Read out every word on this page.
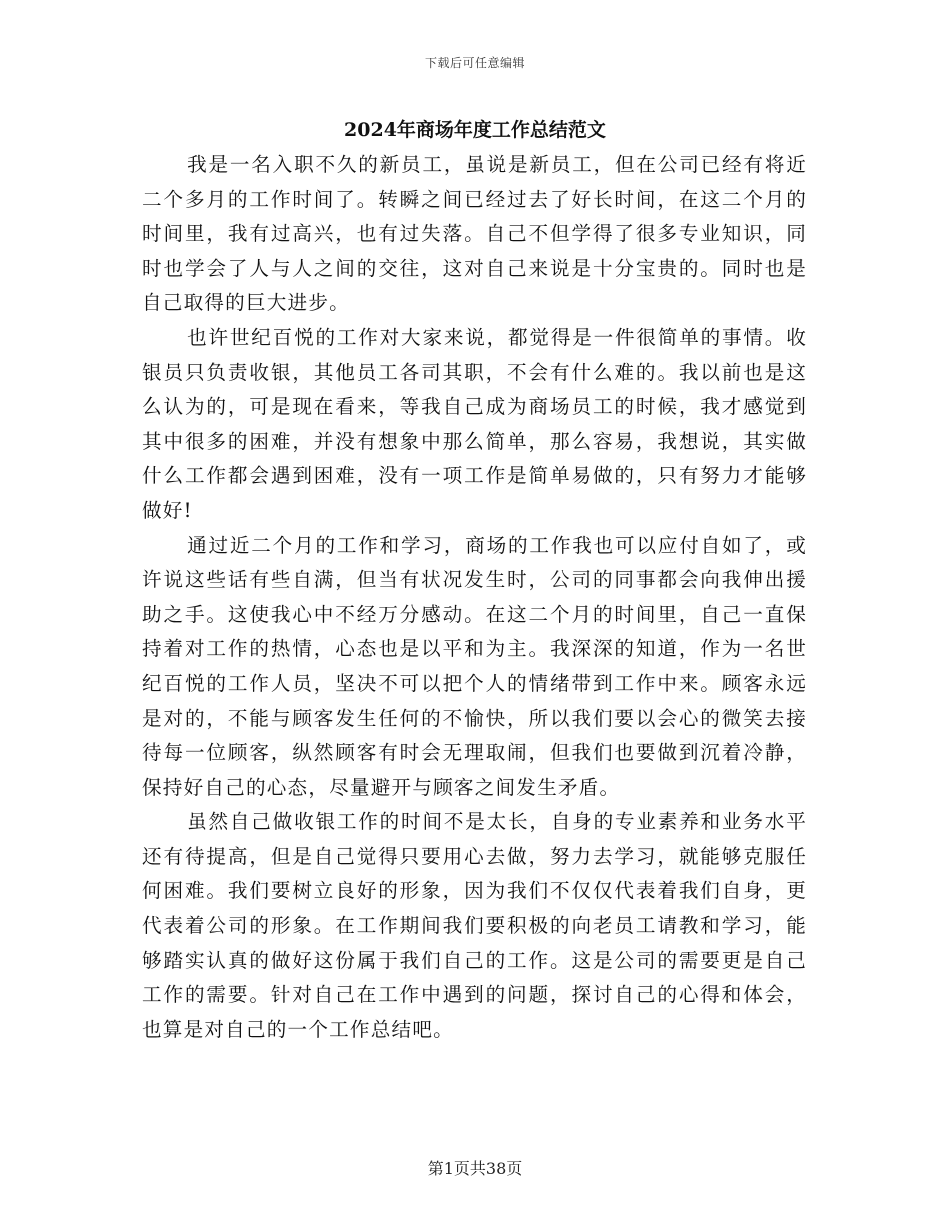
下载后可任意编辑
2024年商场年度工作总结范文

我是一名入职不久的新员工，虽说是新员工，但在公司已经有将近二个多月的工作时间了。转瞬之间已经过去了好长时间，在这二个月的时间里，我有过高兴，也有过失落。自己不但学得了很多专业知识，同时也学会了人与人之间的交往，这对自己来说是十分宝贵的。同时也是自己取得的巨大进步。

也许世纪百悦的工作对大家来说，都觉得是一件很简单的事情。收银员只负责收银，其他员工各司其职，不会有什么难的。我以前也是这么认为的，可是现在看来，等我自己成为商场员工的时候，我才感觉到其中很多的困难，并没有想象中那么简单，那么容易，我想说，其实做什么工作都会遇到困难，没有一项工作是简单易做的，只有努力才能够做好!

通过近二个月的工作和学习，商场的工作我也可以应付自如了，或许说这些话有些自满，但当有状况发生时，公司的同事都会向我伸出援助之手。这使我心中不经万分感动。在这二个月的时间里，自己一直保持着对工作的热情，心态也是以平和为主。我深深的知道，作为一名世纪百悦的工作人员，坚决不可以把个人的情绪带到工作中来。顾客永远是对的，不能与顾客发生任何的不愉快，所以我们要以会心的微笑去接待每一位顾客，纵然顾客有时会无理取闹，但我们也要做到沉着冷静，保持好自己的心态，尽量避开与顾客之间发生矛盾。

虽然自己做收银工作的时间不是太长，自身的专业素养和业务水平还有待提高，但是自己觉得只要用心去做，努力去学习，就能够克服任何困难。我们要树立良好的形象，因为我们不仅仅代表着我们自身，更代表着公司的形象。在工作期间我们要积极的向老员工请教和学习，能够踏实认真的做好这份属于我们自己的工作。这是公司的需要更是自己工作的需要。针对自己在工作中遇到的问题，探讨自己的心得和体会，也算是对自己的一个工作总结吧。

第1页共38页
